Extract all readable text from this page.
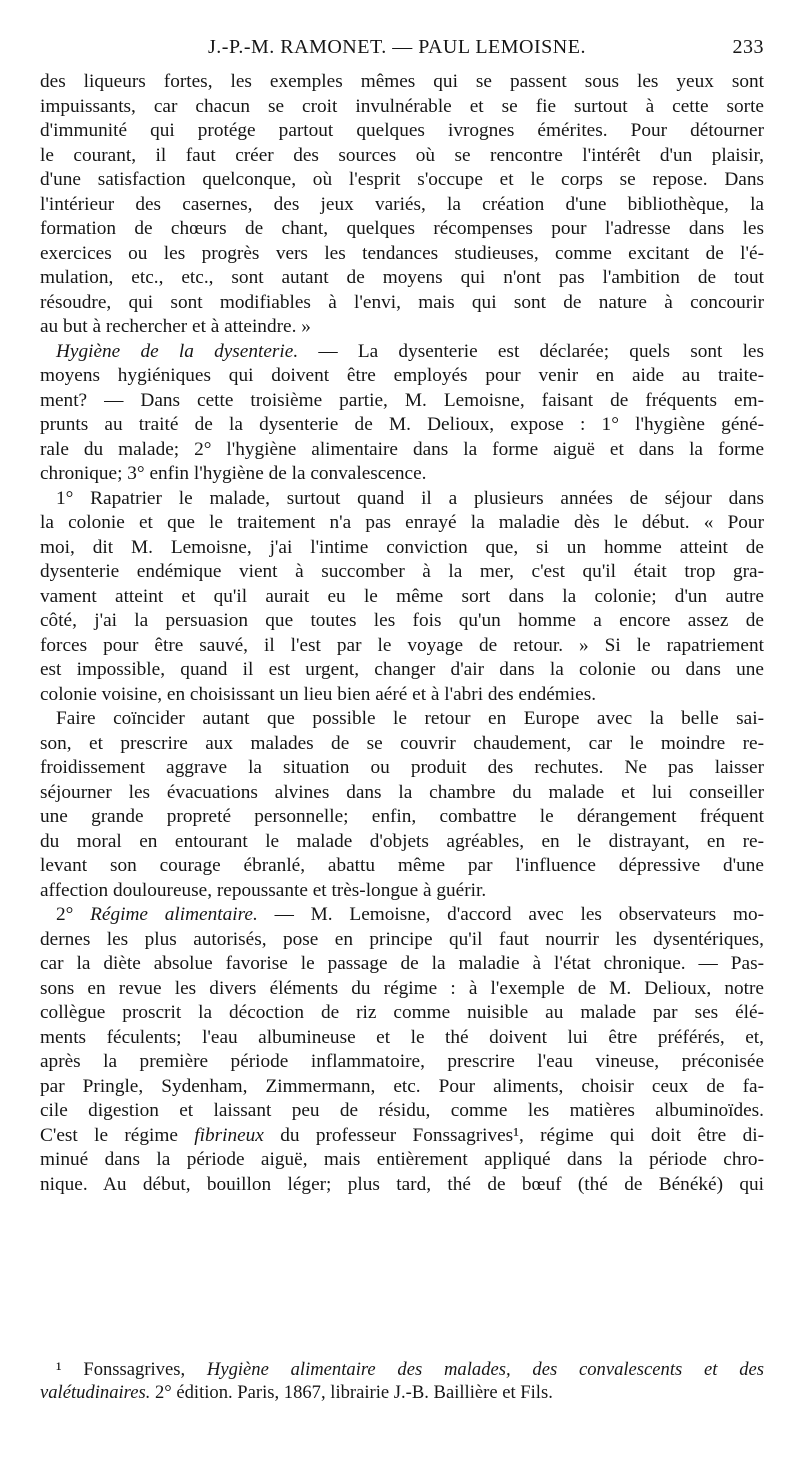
J.-P.-M. RAMONET. — PAUL LEMOISNE.	233
des liqueurs fortes, les exemples mêmes qui se passent sous les yeux sont
impuissants, car chacun se croit invulnérable et se fie surtout à cette sorte
d'immunité qui protége partout quelques ivrognes émérites. Pour détourner
le courant, il faut créer des sources où se rencontre l'intérêt d'un plaisir,
d'une satisfaction quelconque, où l'esprit s'occupe et le corps se repose. Dans
l'intérieur des casernes, des jeux variés, la création d'une bibliothèque, la
formation de chœurs de chant, quelques récompenses pour l'adresse dans les
exercices ou les progrès vers les tendances studieuses, comme excitant de l'é-
mulation, etc., etc., sont autant de moyens qui n'ont pas l'ambition de tout
résoudre, qui sont modifiables à l'envi, mais qui sont de nature à concourir
au but à rechercher et à atteindre. »
Hygiène de la dysenterie. — La dysenterie est déclarée; quels sont les
moyens hygiéniques qui doivent être employés pour venir en aide au traite-
ment? — Dans cette troisième partie, M. Lemoisne, faisant de fréquents em-
prunts au traité de la dysenterie de M. Delioux, expose : 1° l'hygiène géné-
rale du malade; 2° l'hygiène alimentaire dans la forme aiguë et dans la forme
chronique; 3° enfin l'hygiène de la convalescence.
1° Rapatrier le malade, surtout quand il a plusieurs années de séjour dans
la colonie et que le traitement n'a pas enrayé la maladie dès le début. « Pour
moi, dit M. Lemoisne, j'ai l'intime conviction que, si un homme atteint de
dysenterie endémique vient à succomber à la mer, c'est qu'il était trop gra-
vament atteint et qu'il aurait eu le même sort dans la colonie; d'un autre
côté, j'ai la persuasion que toutes les fois qu'un homme a encore assez de
forces pour être sauvé, il l'est par le voyage de retour. » Si le rapatriement
est impossible, quand il est urgent, changer d'air dans la colonie ou dans une
colonie voisine, en choisissant un lieu bien aéré et à l'abri des endémies.
Faire coïncider autant que possible le retour en Europe avec la belle sai-
son, et prescrire aux malades de se couvrir chaudement, car le moindre re-
froidissement aggrave la situation ou produit des rechutes. Ne pas laisser
séjourner les évacuations alvines dans la chambre du malade et lui conseiller
une grande propreté personnelle; enfin, combattre le dérangement fréquent
du moral en entourant le malade d'objets agréables, en le distrayant, en re-
levant son courage ébranlé, abattu même par l'influence dépressive d'une
affection douloureuse, repoussante et très-longue à guérir.
2° Régime alimentaire. — M. Lemoisne, d'accord avec les observateurs mo-
dernes les plus autorisés, pose en principe qu'il faut nourrir les dysentériques,
car la diète absolue favorise le passage de la maladie à l'état chronique. — Pas-
sons en revue les divers éléments du régime : à l'exemple de M. Delioux, notre
collègue proscrit la décoction de riz comme nuisible au malade par ses élé-
ments féculents; l'eau albumineuse et le thé doivent lui être préférés, et,
après la première période inflammatoire, prescrire l'eau vineuse, préconisée
par Pringle, Sydenham, Zimmermann, etc. Pour aliments, choisir ceux de fa-
cile digestion et laissant peu de résidu, comme les matières albuminoïdes.
C'est le régime fibrineux du professeur Fonssagrives¹, régime qui doit être di-
minué dans la période aiguë, mais entièrement appliqué dans la période chro-
nique. Au début, bouillon léger; plus tard, thé de bœuf (thé de Bénéké) qui
¹ Fonssagrives, Hygiène alimentaire des malades, des convalescents et des
valétudinaires. 2° édition. Paris, 1867, librairie J.-B. Baillière et Fils.
